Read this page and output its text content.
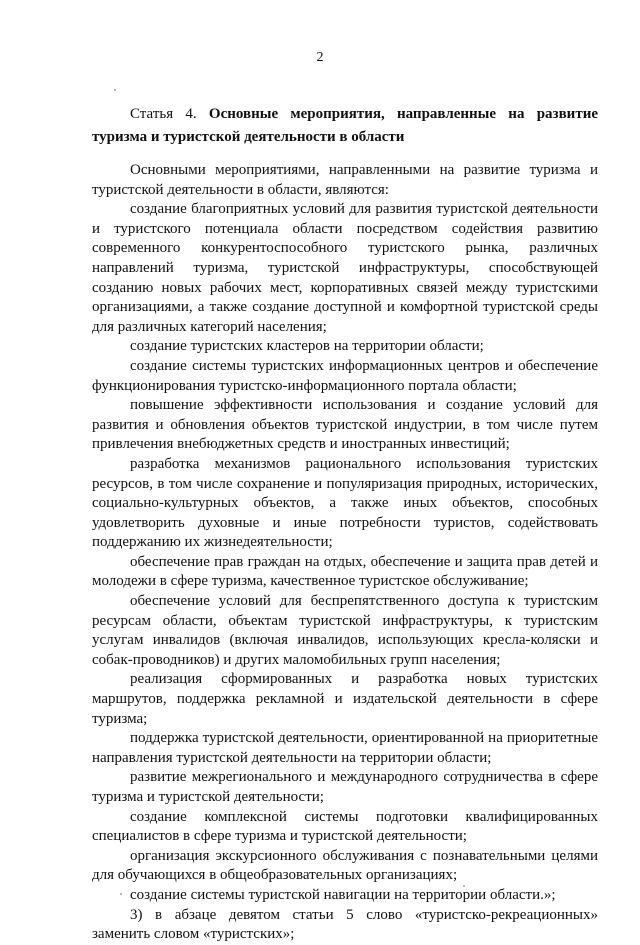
2
Статья 4. Основные мероприятия, направленные на развитие туризма и туристской деятельности в области

Основными мероприятиями, направленными на развитие туризма и туристской деятельности в области, являются:

создание благоприятных условий для развития туристской деятельности и туристского потенциала области посредством содействия развитию современного конкурентоспособного туристского рынка, различных направлений туризма, туристской инфраструктуры, способствующей созданию новых рабочих мест, корпоративных связей между туристскими организациями, а также создание доступной и комфортной туристской среды для различных категорий населения;

создание туристских кластеров на территории области;

создание системы туристских информационных центров и обеспечение функционирования туристско-информационного портала области;

повышение эффективности использования и создание условий для развития и обновления объектов туристской индустрии, в том числе путем привлечения внебюджетных средств и иностранных инвестиций;

разработка механизмов рационального использования туристских ресурсов, в том числе сохранение и популяризация природных, исторических, социально-культурных объектов, а также иных объектов, способных удовлетворить духовные и иные потребности туристов, содействовать поддержанию их жизнедеятельности;

обеспечение прав граждан на отдых, обеспечение и защита прав детей и молодежи в сфере туризма, качественное туристское обслуживание;

обеспечение условий для беспрепятственного доступа к туристским ресурсам области, объектам туристской инфраструктуры, к туристским услугам инвалидов (включая инвалидов, использующих кресла-коляски и собак-проводников) и других маломобильных групп населения;

реализация сформированных и разработка новых туристских маршрутов, поддержка рекламной и издательской деятельности в сфере туризма;

поддержка туристской деятельности, ориентированной на приоритетные направления туристской деятельности на территории области;

развитие межрегионального и международного сотрудничества в сфере туризма и туристской деятельности;

создание комплексной системы подготовки квалифицированных специалистов в сфере туризма и туристской деятельности;

организация экскурсионного обслуживания с познавательными целями для обучающихся в общеобразовательных организациях;

создание системы туристской навигации на территории области.»;

3) в абзаце девятом статьи 5 слово «туристско-рекреационных» заменить словом «туристских»;
